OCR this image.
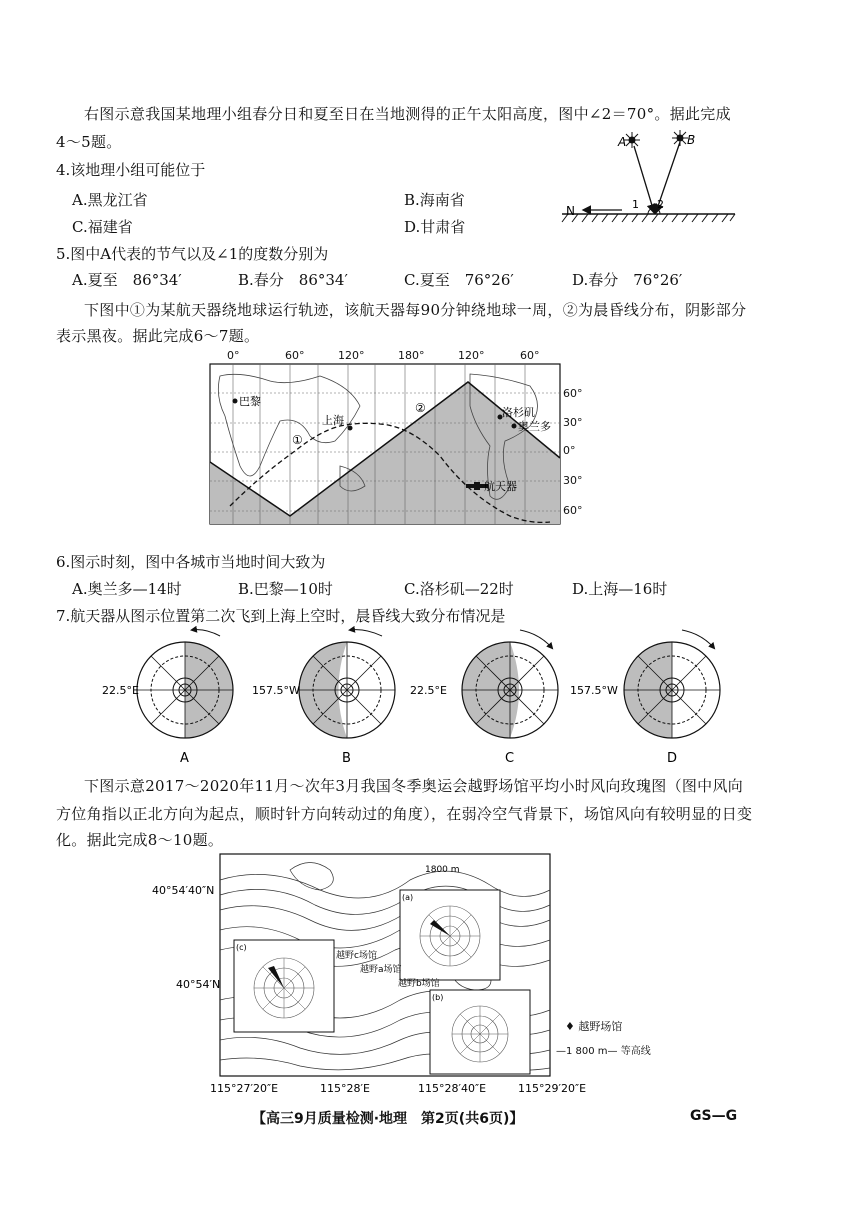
右图示意我国某地理小组春分日和夏至日在当地测得的正午太阳高度，图中∠2＝70°。据此完成
4～5题。
N	1 2
A	B
4.该地理小组可能位于
A.黑龙江省	B.海南省
C.福建省	D.甘肃省
5.图中A代表的节气以及∠1的度数分别为
A.夏至　86°34′	B.春分　86°34′	C.夏至　76°26′	D.春分　76°26′
下图中①为某航天器绕地球运行轨迹，该航天器每90分钟绕地球一周，②为晨昏线分布，阴影部分
表示黑夜。据此完成6～7题。
0°	60°	120°	180°	120°	60°
60°
30°
0°
30°
60°
巴黎
上海
洛杉矶
奥兰多
①
②
航天器
6.图示时刻，图中各城市当地时间大致为
A.奥兰多—14时	B.巴黎—10时	C.洛杉矶—22时	D.上海—16时
7.航天器从图示位置第二次飞到上海上空时，晨昏线大致分布情况是
22.5°E
A
157.5°W
B
22.5°E
C
157.5°W
D
下图示意2017～2020年11月～次年3月我国冬季奥运会越野场馆平均小时风向玫瑰图（图中风向
方位角指以正北方向为起点，顺时针方向转动过的角度），在弱冷空气背景下，场馆风向有较明显的日变
化。据此完成8～10题。
40°54′40″N
40°54′N
1800 m
(a)
(c)
(b)
越野c场馆
越野a场馆
越野b场馆
115°27′20″E	115°28′E	115°28′40″E	115°29′20″E
♦ 越野场馆
—1 800 m— 等高线
【高三9月质量检测·地理　第2页(共6页)】	GS—G
